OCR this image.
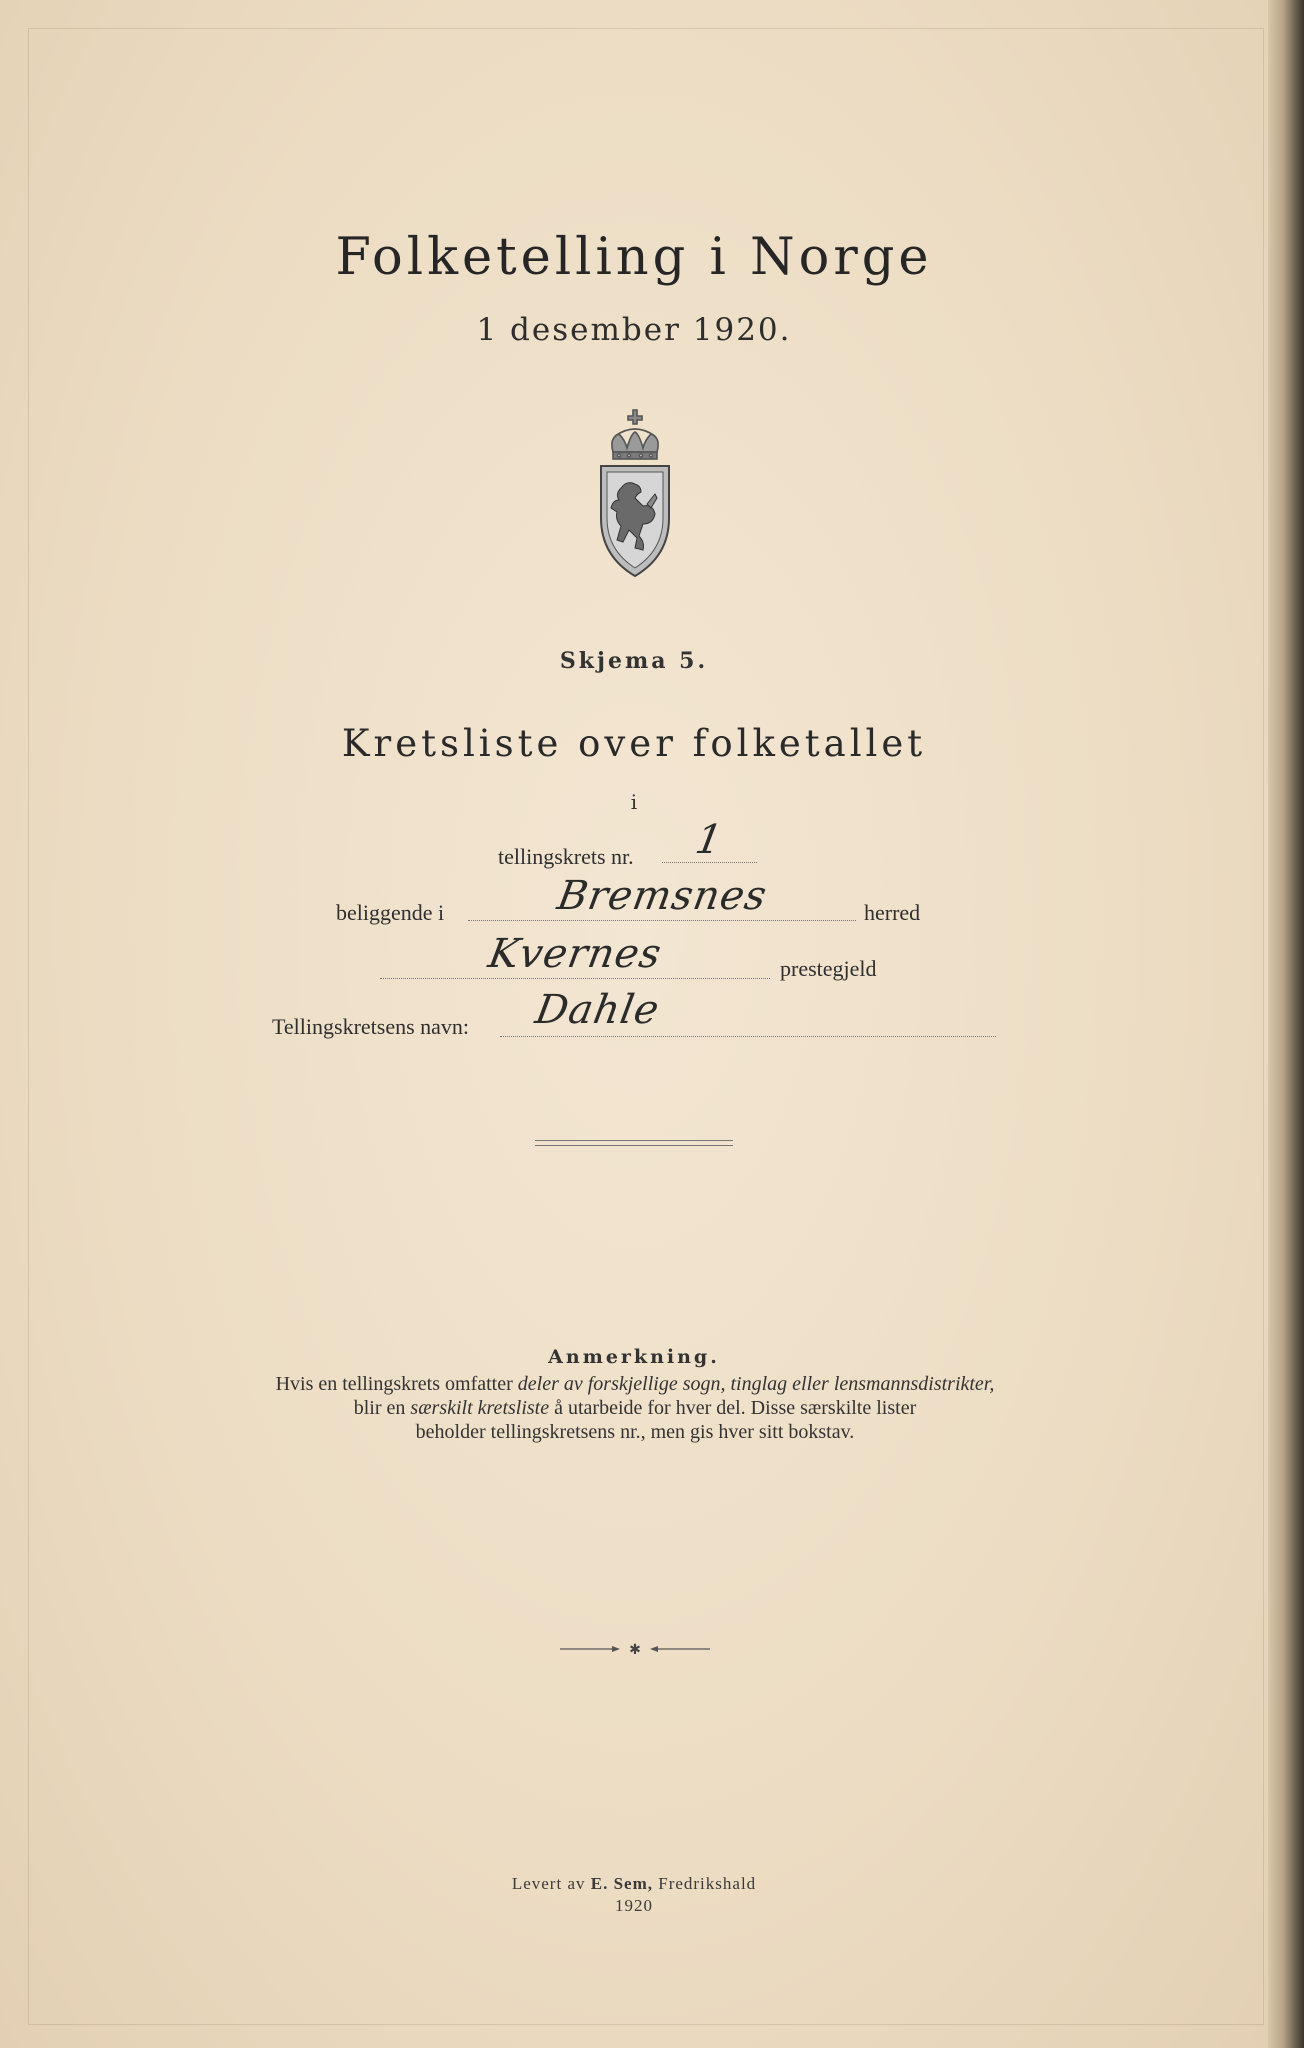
Folketelling i Norge
1 desember 1920.
Skjema 5.
Kretsliste over folketallet
i
tellingskrets nr.	1
beliggende i	Bremsnes	herred
Kvernes	prestegjeld
Tellingskretsens navn:	Dahle
Anmerkning.
Hvis en tellingskrets omfatter deler av forskjellige sogn, tinglag eller lensmannsdistrikter,
blir en særskilt kretsliste å utarbeide for hver del. Disse særskilte lister
beholder tellingskretsens nr., men gis hver sitt bokstav.
✱
Levert av E. Sem, Fredrikshald
1920
